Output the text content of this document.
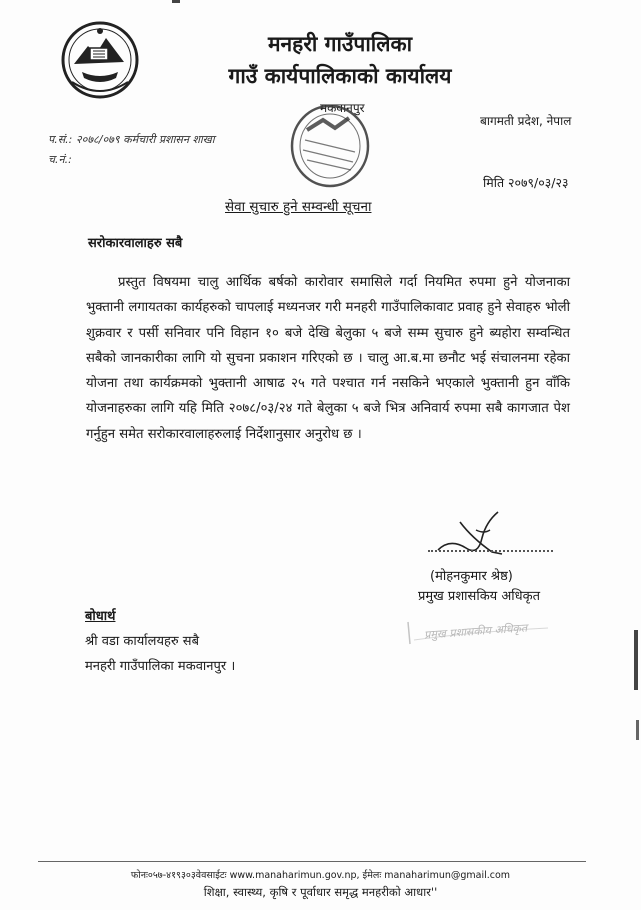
मनहरी गाउँपालिका
गाउँ कार्यपालिकाको कार्यालय
मकवानपुर
बागमती प्रदेश, नेपाल
प.सं.: २०७८/०७९ कर्मचारी प्रशासन शाखा
च.नं.:
मिति २०७९/०३/२३
सेवा सुचारु हुने सम्वन्धी सूचना
सरोकारवालाहरु सबै

प्रस्तुत विषयमा चालु आर्थिक बर्षको कारोवार समासिले गर्दा नियमित रुपमा हुने योजनाका भुक्तानी लगायतका कार्यहरुको चापलाई मध्यनजर गरी मनहरी गाउँपालिकावाट प्रवाह हुने सेवाहरु भोली शुक्रवार र पर्सी सनिवार पनि विहान १० बजे देखि बेलुका ५ बजे सम्म सुचारु हुने ब्यहोरा सम्वन्धित सबैको जानकारीका लागि यो सुचना प्रकाशन गरिएको छ । चालु आ.ब.मा छनौट भई संचालनमा रहेका योजना तथा कार्यक्रमको भुक्तानी आषाढ २५ गते पश्चात गर्न नसकिने भएकाले भुक्तानी हुन वाँकि योजनाहरुका लागि यहि मिति २०७८/०३/२४ गते बेलुका ५ बजे भित्र अनिवार्य रुपमा सबै कागजात पेश गर्नुहुन समेत सरोकारवालाहरुलाई निर्देशानुसार अनुरोध छ ।

(मोहनकुमार श्रेष्ठ)
प्रमुख प्रशासकिय अधिकृत
प्रमुख प्रशासकीय अधिकृत
बोधार्थ
श्री वडा कार्यालयहरु सबै
मनहरी गाउँपालिका मकवानपुर ।
फोनः०५७-४१९३०३वेवसाईटः www.manaharimun.gov.np, ईमेलः manaharimun@gmail.com
शिक्षा, स्वास्थ्य, कृषि र पूर्वाधार समृद्ध मनहरीको आधार''
